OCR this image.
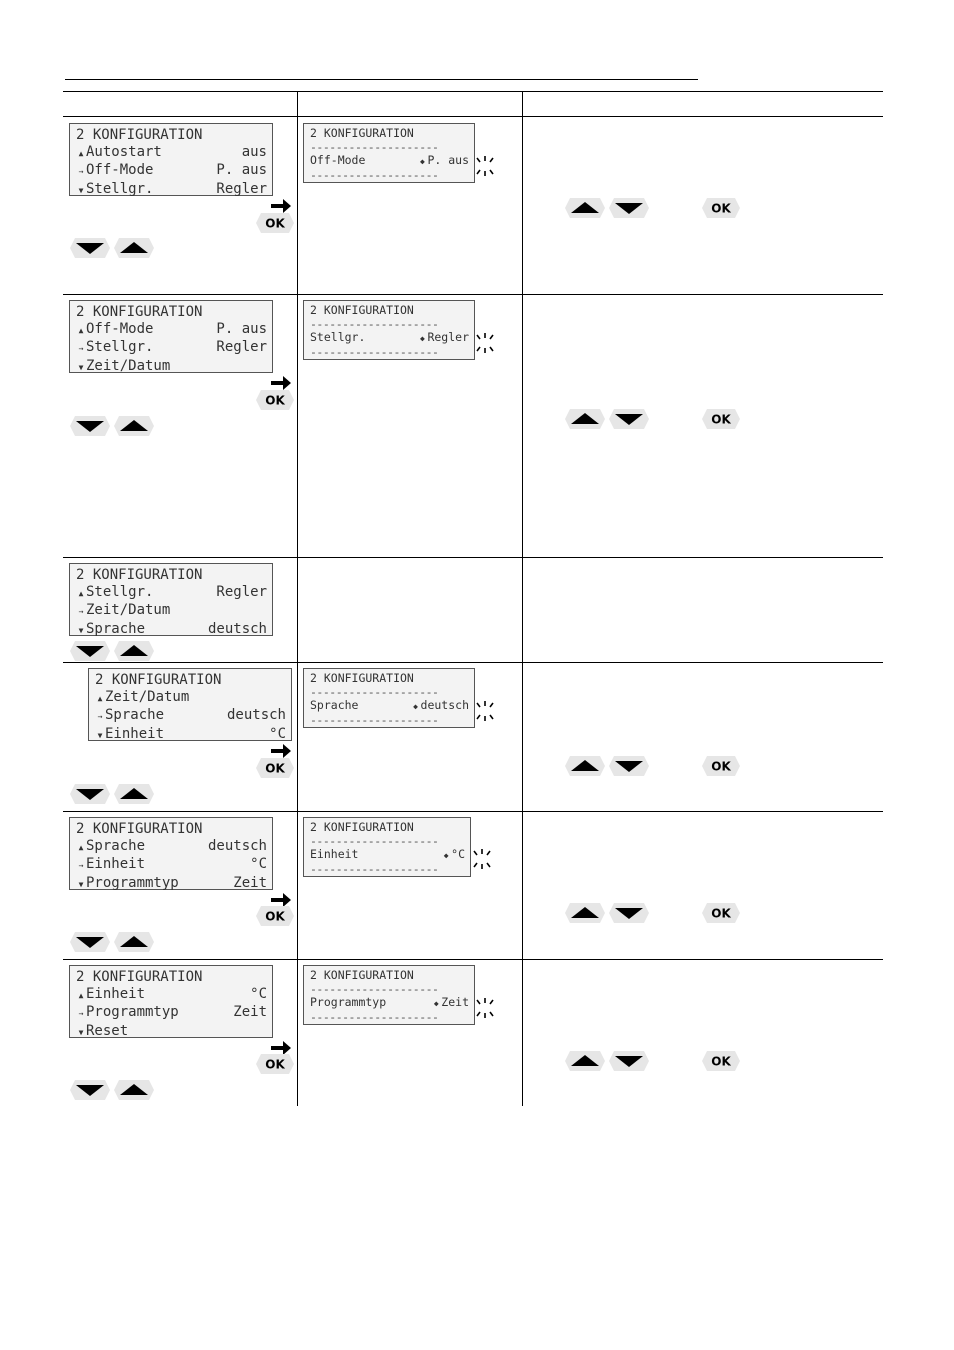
2 KONFIGURATION
▲ Autostart	aus
→ Off-Mode	P. aus
▼ Stellgr.	Regler
OK
2 KONFIGURATION
--------------------
Off-Mode	◆ P. aus
--------------------
OK
2 KONFIGURATION
▲ Off-Mode	P. aus
→ Stellgr.	Regler
▼ Zeit/Datum
OK
2 KONFIGURATION
--------------------
Stellgr.	◆ Regler
--------------------
OK
2 KONFIGURATION
▲ Stellgr.	Regler
→ Zeit/Datum
▼ Sprache	deutsch
2 KONFIGURATION
▲ Zeit/Datum
→ Sprache	deutsch
▼ Einheit	°C
OK
2 KONFIGURATION
--------------------
Sprache	◆ deutsch
--------------------
OK
2 KONFIGURATION
▲ Sprache	deutsch
→ Einheit	°C
▼ Programmtyp	Zeit
OK
2 KONFIGURATION
--------------------
Einheit	◆ °C
--------------------
OK
2 KONFIGURATION
▲ Einheit	°C
→ Programmtyp	Zeit
▼ Reset
OK
2 KONFIGURATION
--------------------
Programmtyp	◆ Zeit
--------------------
OK
